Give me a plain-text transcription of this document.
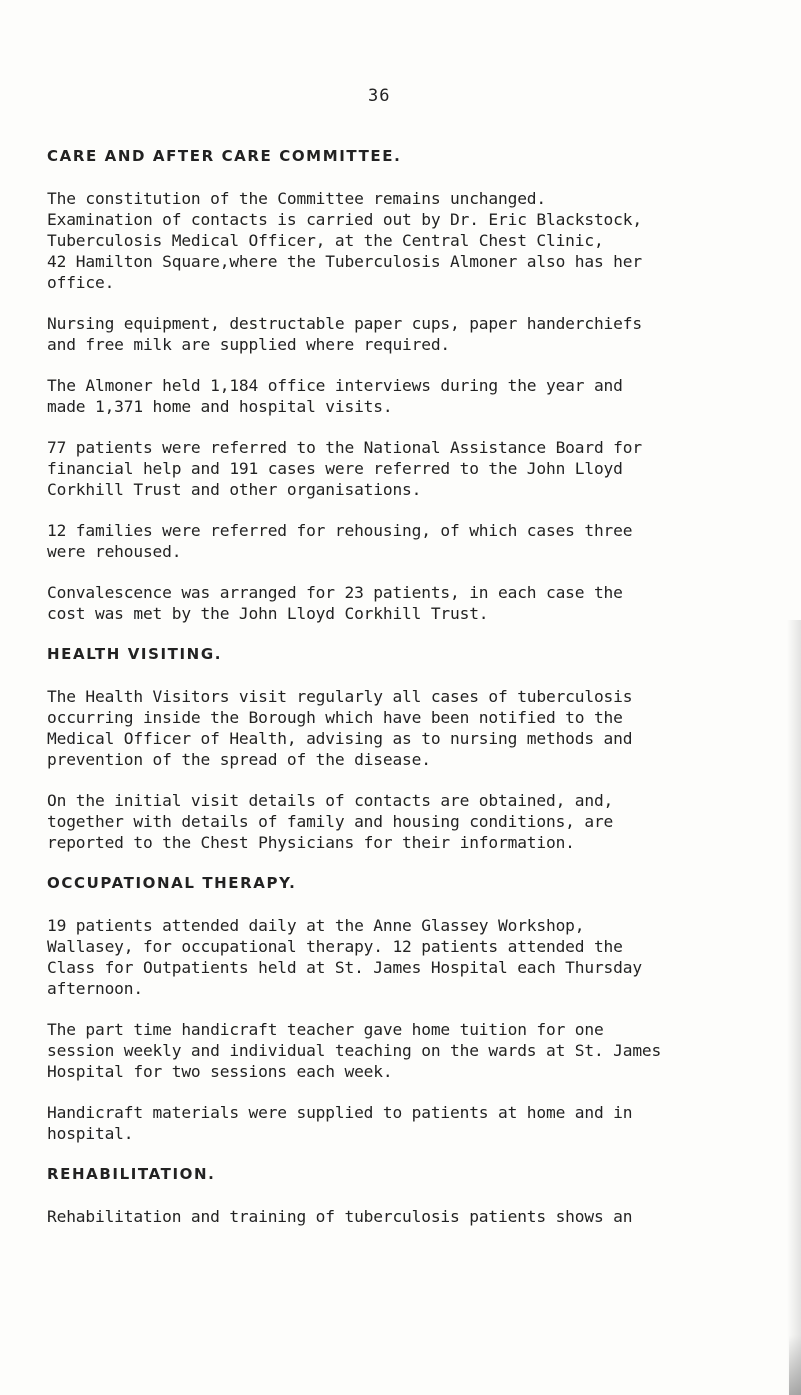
36
CARE AND AFTER CARE COMMITTEE.

The constitution of the Committee remains unchanged.
Examination of contacts is carried out by Dr. Eric Blackstock,
Tuberculosis Medical Officer, at the Central Chest Clinic,
42 Hamilton Square,where the Tuberculosis Almoner also has her
office.

Nursing equipment, destructable paper cups, paper handerchiefs
and free milk are supplied where required.

The Almoner held 1,184 office interviews during the year and
made 1,371 home and hospital visits.

77 patients were referred to the National Assistance Board for
financial help and 191 cases were referred to the John Lloyd
Corkhill Trust and other organisations.

12 families were referred for rehousing, of which cases three
were rehoused.

Convalescence was arranged for 23 patients, in each case the
cost was met by the John Lloyd Corkhill Trust.

HEALTH VISITING.

The Health Visitors visit regularly all cases of tuberculosis
occurring inside the Borough which have been notified to the
Medical Officer of Health, advising as to nursing methods and
prevention of the spread of the disease.

On the initial visit details of contacts are obtained, and,
together with details of family and housing conditions, are
reported to the Chest Physicians for their information.

OCCUPATIONAL THERAPY.

19 patients attended daily at the Anne Glassey Workshop,
Wallasey, for occupational therapy. 12 patients attended the
Class for Outpatients held at St. James Hospital each Thursday
afternoon.

The part time handicraft teacher gave home tuition for one
session weekly and individual teaching on the wards at St. James
Hospital for two sessions each week.

Handicraft materials were supplied to patients at home and in
hospital.

REHABILITATION.

Rehabilitation and training of tuberculosis patients shows an
